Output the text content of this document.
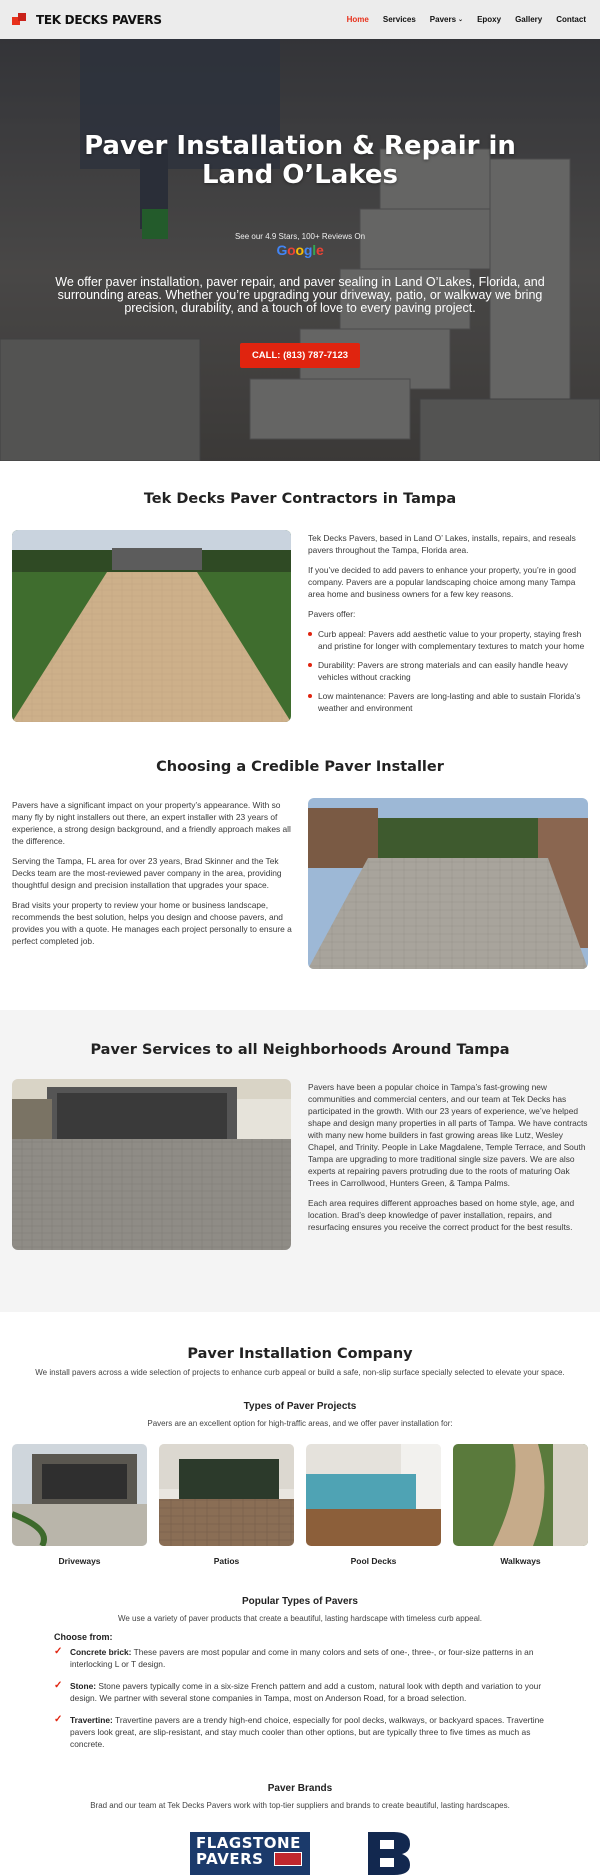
TEK DECKS PAVERS	Home Services Pavers ⌄ Epoxy Gallery Contact
Paver Installation & Repair in Land O’Lakes
See our 4.9 Stars, 100+ Reviews On
Google

We offer paver installation, paver repair, and paver sealing in Land O’Lakes, Florida, and surrounding areas. Whether you’re upgrading your driveway, patio, or walkway we bring precision, durability, and a touch of love to every paving project.

CALL: (813) 787-7123
Tek Decks Paver Contractors in Tampa

Tek Decks Pavers, based in Land O’ Lakes, installs, repairs, and reseals pavers throughout the Tampa, Florida area.

If you’ve decided to add pavers to enhance your property, you’re in good company. Pavers are a popular landscaping choice among many Tampa area home and business owners for a few key reasons.

Pavers offer:

Curb appeal: Pavers add aesthetic value to your property, staying fresh and pristine for longer with complementary textures to match your home
Durability: Pavers are strong materials and can easily handle heavy vehicles without cracking
Low maintenance: Pavers are long-lasting and able to sustain Florida’s weather and environment
Choosing a Credible Paver Installer

Pavers have a significant impact on your property’s appearance. With so many fly by night installers out there, an expert installer with 23 years of experience, a strong design background, and a friendly approach makes all the difference.

Serving the Tampa, FL area for over 23 years, Brad Skinner and the Tek Decks team are the most-reviewed paver company in the area, providing thoughtful design and precision installation that upgrades your space.

Brad visits your property to review your home or business landscape, recommends the best solution, helps you design and choose pavers, and provides you with a quote. He manages each project personally to ensure a perfect completed job.

Paver Services to all Neighborhoods Around Tampa

Pavers have been a popular choice in Tampa’s fast-growing new communities and commercial centers, and our team at Tek Decks has participated in the growth. With our 23 years of experience, we’ve helped shape and design many properties in all parts of Tampa. We have contracts with many new home builders in fast growing areas like Lutz, Wesley Chapel, and Trinity. People in Lake Magdalene, Temple Terrace, and South Tampa are upgrading to more traditional single size pavers. We are also experts at repairing pavers protruding due to the roots of maturing Oak Trees in Carrollwood, Hunters Green, & Tampa Palms.

Each area requires different approaches based on home style, age, and location. Brad’s deep knowledge of paver installation, repairs, and resurfacing ensures you receive the correct product for the best results.

Paver Installation Company
We install pavers across a wide selection of projects to enhance curb appeal or build a safe, non-slip surface specially selected to elevate your space.
Types of Paver Projects
Pavers are an excellent option for high-traffic areas, and we offer paver installation for:
Driveways	Patios	Pool Decks	Walkways
Popular Types of Pavers
We use a variety of paver products that create a beautiful, lasting hardscape with timeless curb appeal.
Choose from:
✓ Concrete brick: These pavers are most popular and come in many colors and sets of one-, three-, or four-size patterns in an interlocking L or T design.
✓ Stone: Stone pavers typically come in a six-size French pattern and add a custom, natural look with depth and variation to your design. We partner with several stone companies in Tampa, most on Anderson Road, for a broad selection.
✓ Travertine: Travertine pavers are a trendy high-end choice, especially for pool decks, walkways, or backyard spaces. Travertine pavers look great, are slip-resistant, and stay much cooler than other options, but are typically three to five times as much as concrete.
Paver Brands
Brad and our team at Tek Decks Pavers work with top-tier suppliers and brands to create beautiful, lasting hardscapes.
FLAGSTONE
PAVERS
